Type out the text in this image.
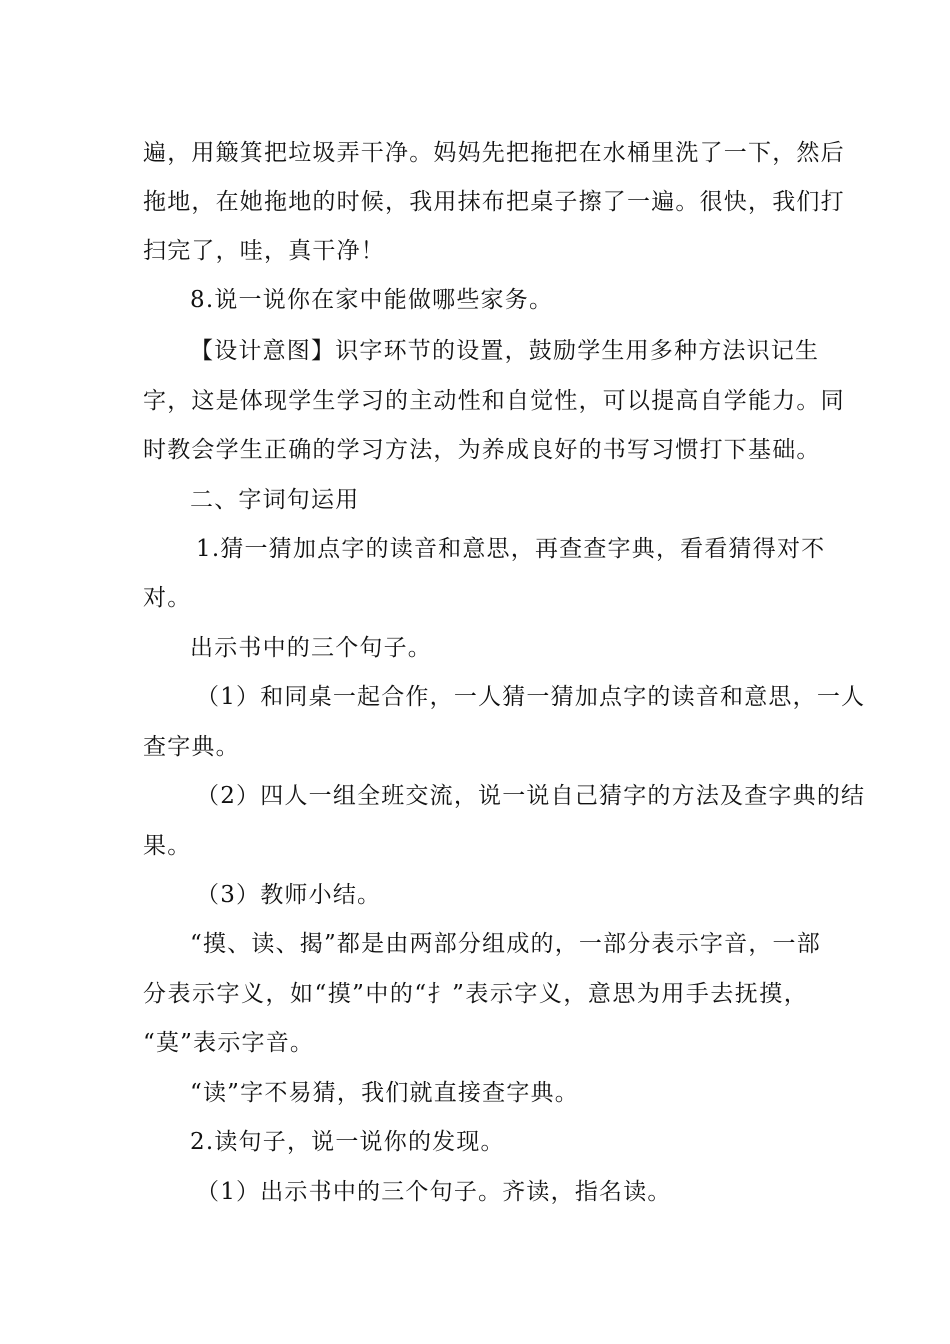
遍，用簸箕把垃圾弄干净。妈妈先把拖把在水桶里洗了一下，然后
拖地，在她拖地的时候，我用抹布把桌子擦了一遍。很快，我们打
扫完了，哇，真干净！
8.说一说你在家中能做哪些家务。
【设计意图】识字环节的设置，鼓励学生用多种方法识记生
字，这是体现学生学习的主动性和自觉性，可以提高自学能力。同
时教会学生正确的学习方法，为养成良好的书写习惯打下基础。
二、字词句运用
1.猜一猜加点字的读音和意思，再查查字典，看看猜得对不
对。
出示书中的三个句子。
（1）和同桌一起合作，一人猜一猜加点字的读音和意思，一人
查字典。
（2）四人一组全班交流，说一说自己猜字的方法及查字典的结
果。
（3）教师小结。
“摸、读、揭”都是由两部分组成的，一部分表示字音，一部
分表示字义，如“摸”中的“扌”表示字义，意思为用手去抚摸，
“莫”表示字音。
“读”字不易猜，我们就直接查字典。
2.读句子，说一说你的发现。
（1）出示书中的三个句子。齐读，指名读。
